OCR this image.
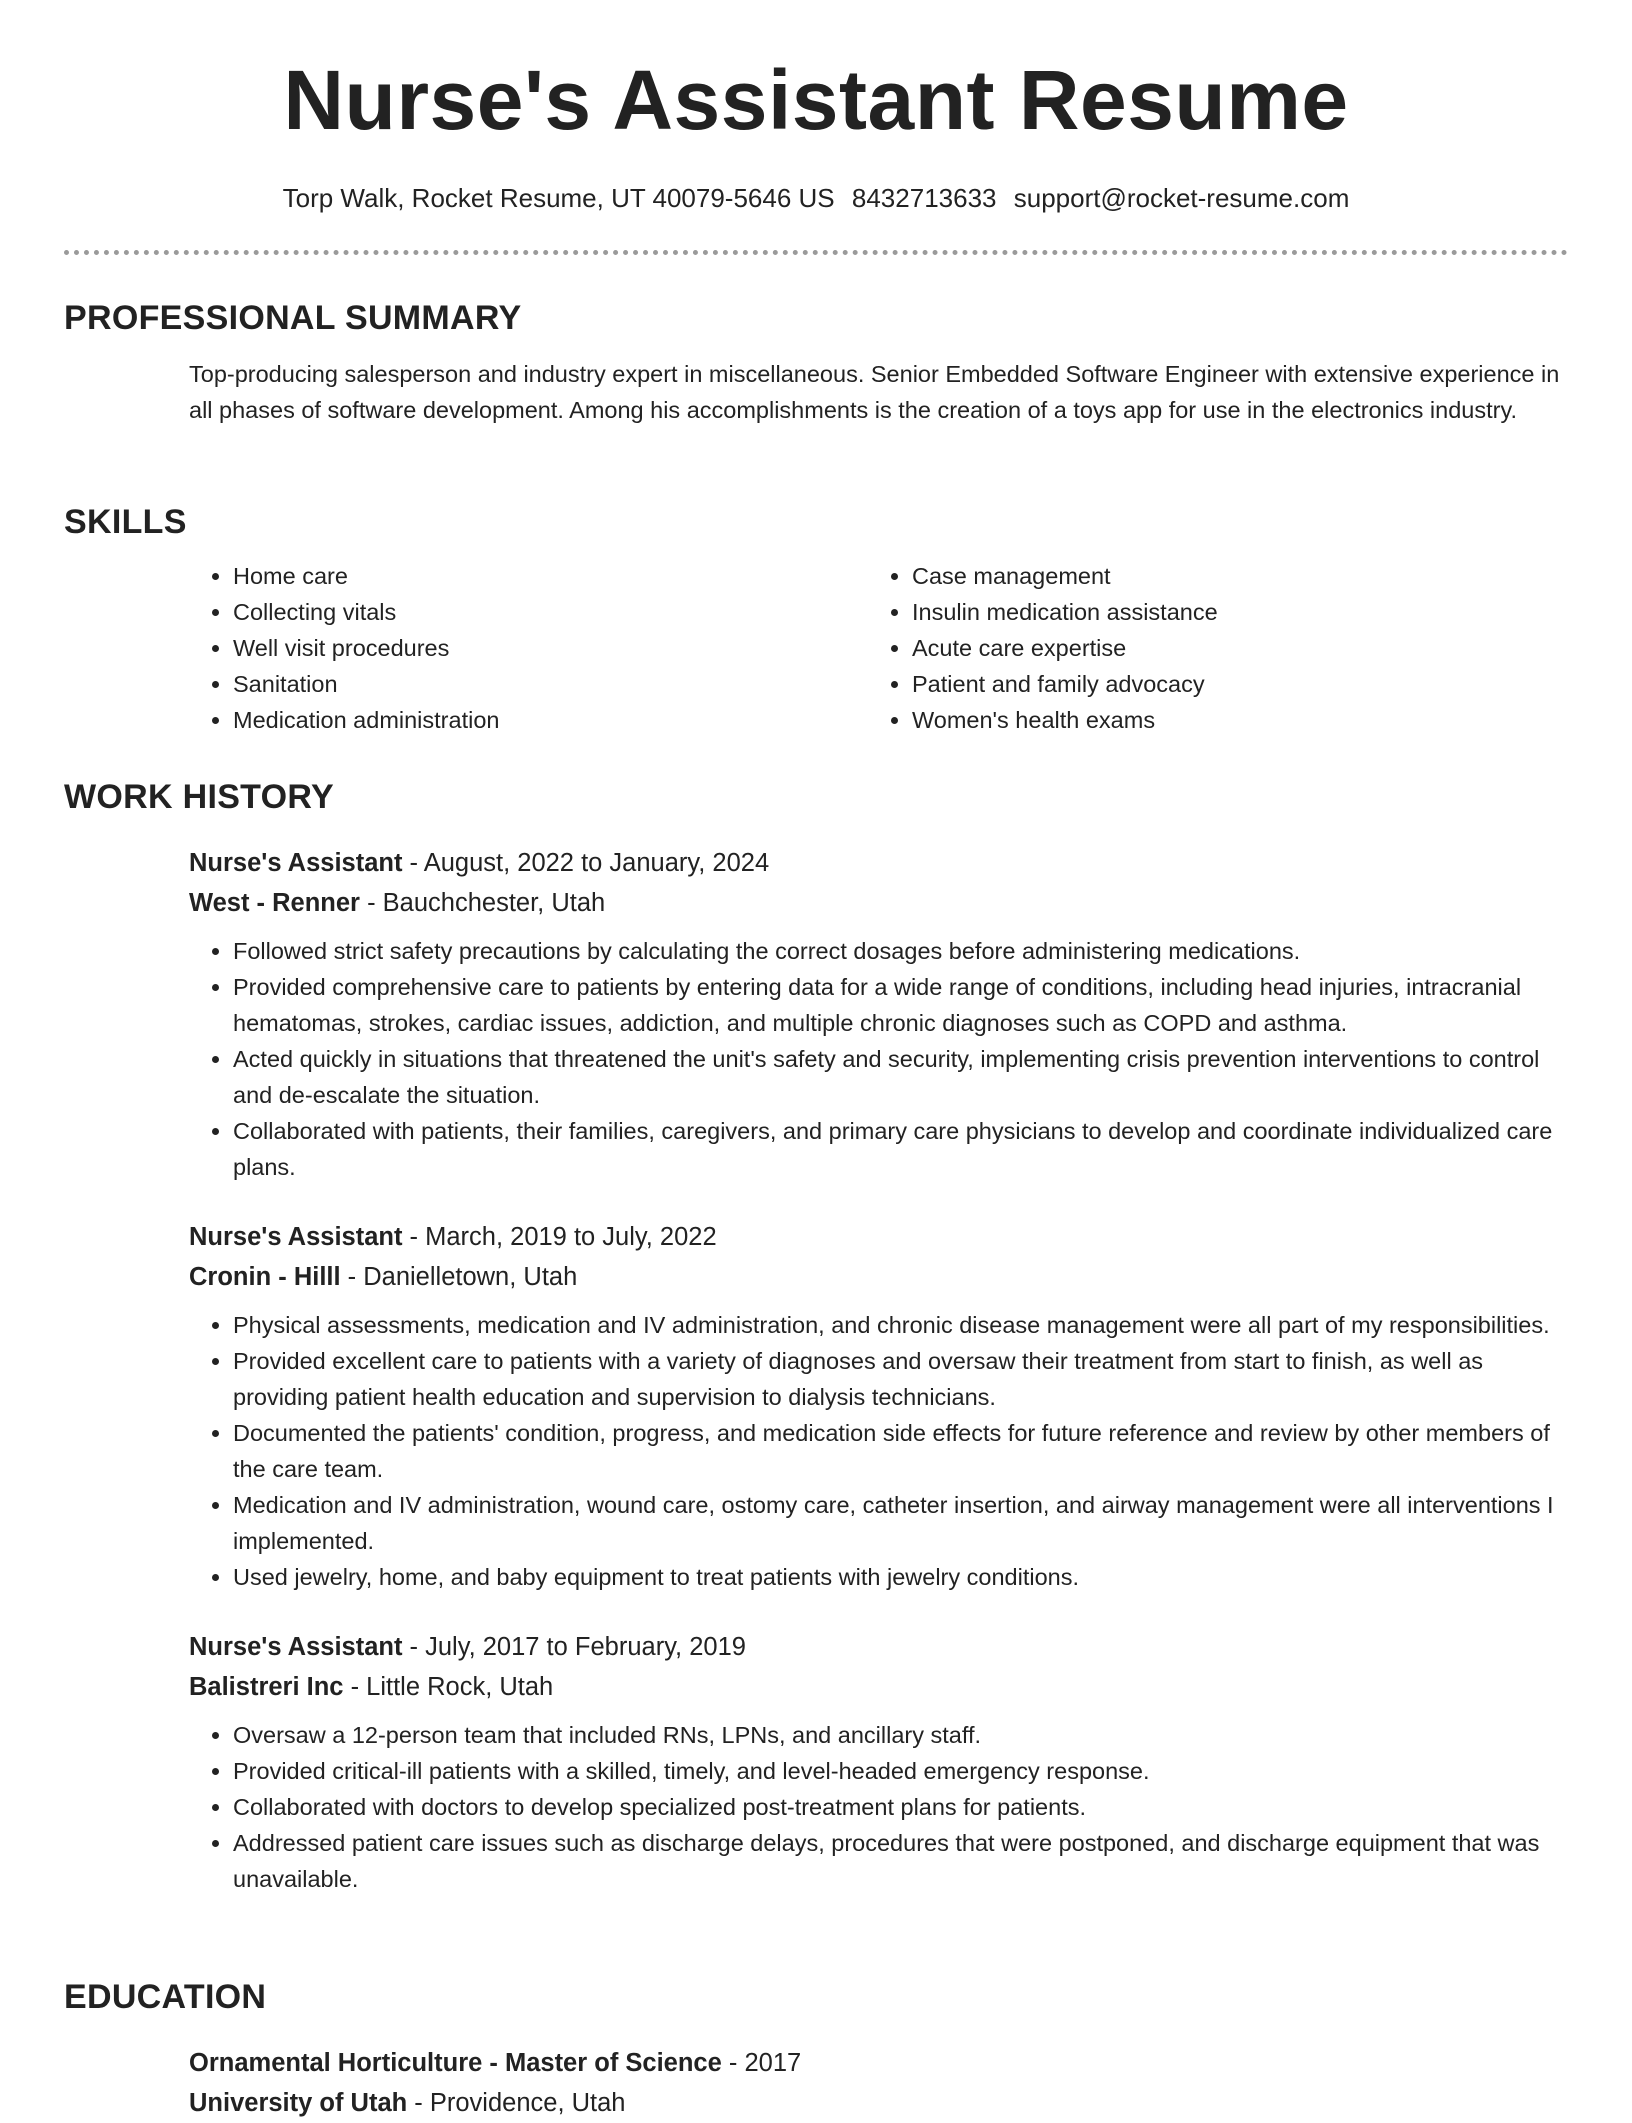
Nurse's Assistant Resume
Torp Walk, Rocket Resume, UT 40079-5646 US 8432713633 support@rocket-resume.com
PROFESSIONAL SUMMARY

Top-producing salesperson and industry expert in miscellaneous. Senior Embedded Software Engineer with extensive experience in all phases of software development. Among his accomplishments is the creation of a toys app for use in the electronics industry.

SKILLS
• Home care
• Collecting vitals
• Well visit procedures
• Sanitation
• Medication administration
• Case management
• Insulin medication assistance
• Acute care expertise
• Patient and family advocacy
• Women's health exams
WORK HISTORY
Nurse's Assistant - August, 2022 to January, 2024
West - Renner - Bauchchester, Utah
• Followed strict safety precautions by calculating the correct dosages before administering medications.
• Provided comprehensive care to patients by entering data for a wide range of conditions, including head injuries, intracranial hematomas, strokes, cardiac issues, addiction, and multiple chronic diagnoses such as COPD and asthma.
• Acted quickly in situations that threatened the unit's safety and security, implementing crisis prevention interventions to control and de-escalate the situation.
• Collaborated with patients, their families, caregivers, and primary care physicians to develop and coordinate individualized care plans.
Nurse's Assistant - March, 2019 to July, 2022
Cronin - Hilll - Danielletown, Utah
• Physical assessments, medication and IV administration, and chronic disease management were all part of my responsibilities.
• Provided excellent care to patients with a variety of diagnoses and oversaw their treatment from start to finish, as well as providing patient health education and supervision to dialysis technicians.
• Documented the patients' condition, progress, and medication side effects for future reference and review by other members of the care team.
• Medication and IV administration, wound care, ostomy care, catheter insertion, and airway management were all interventions I implemented.
• Used jewelry, home, and baby equipment to treat patients with jewelry conditions.
Nurse's Assistant - July, 2017 to February, 2019
Balistreri Inc - Little Rock, Utah
• Oversaw a 12-person team that included RNs, LPNs, and ancillary staff.
• Provided critical-ill patients with a skilled, timely, and level-headed emergency response.
• Collaborated with doctors to develop specialized post-treatment plans for patients.
• Addressed patient care issues such as discharge delays, procedures that were postponed, and discharge equipment that was unavailable.
EDUCATION
Ornamental Horticulture - Master of Science - 2017
University of Utah - Providence, Utah
